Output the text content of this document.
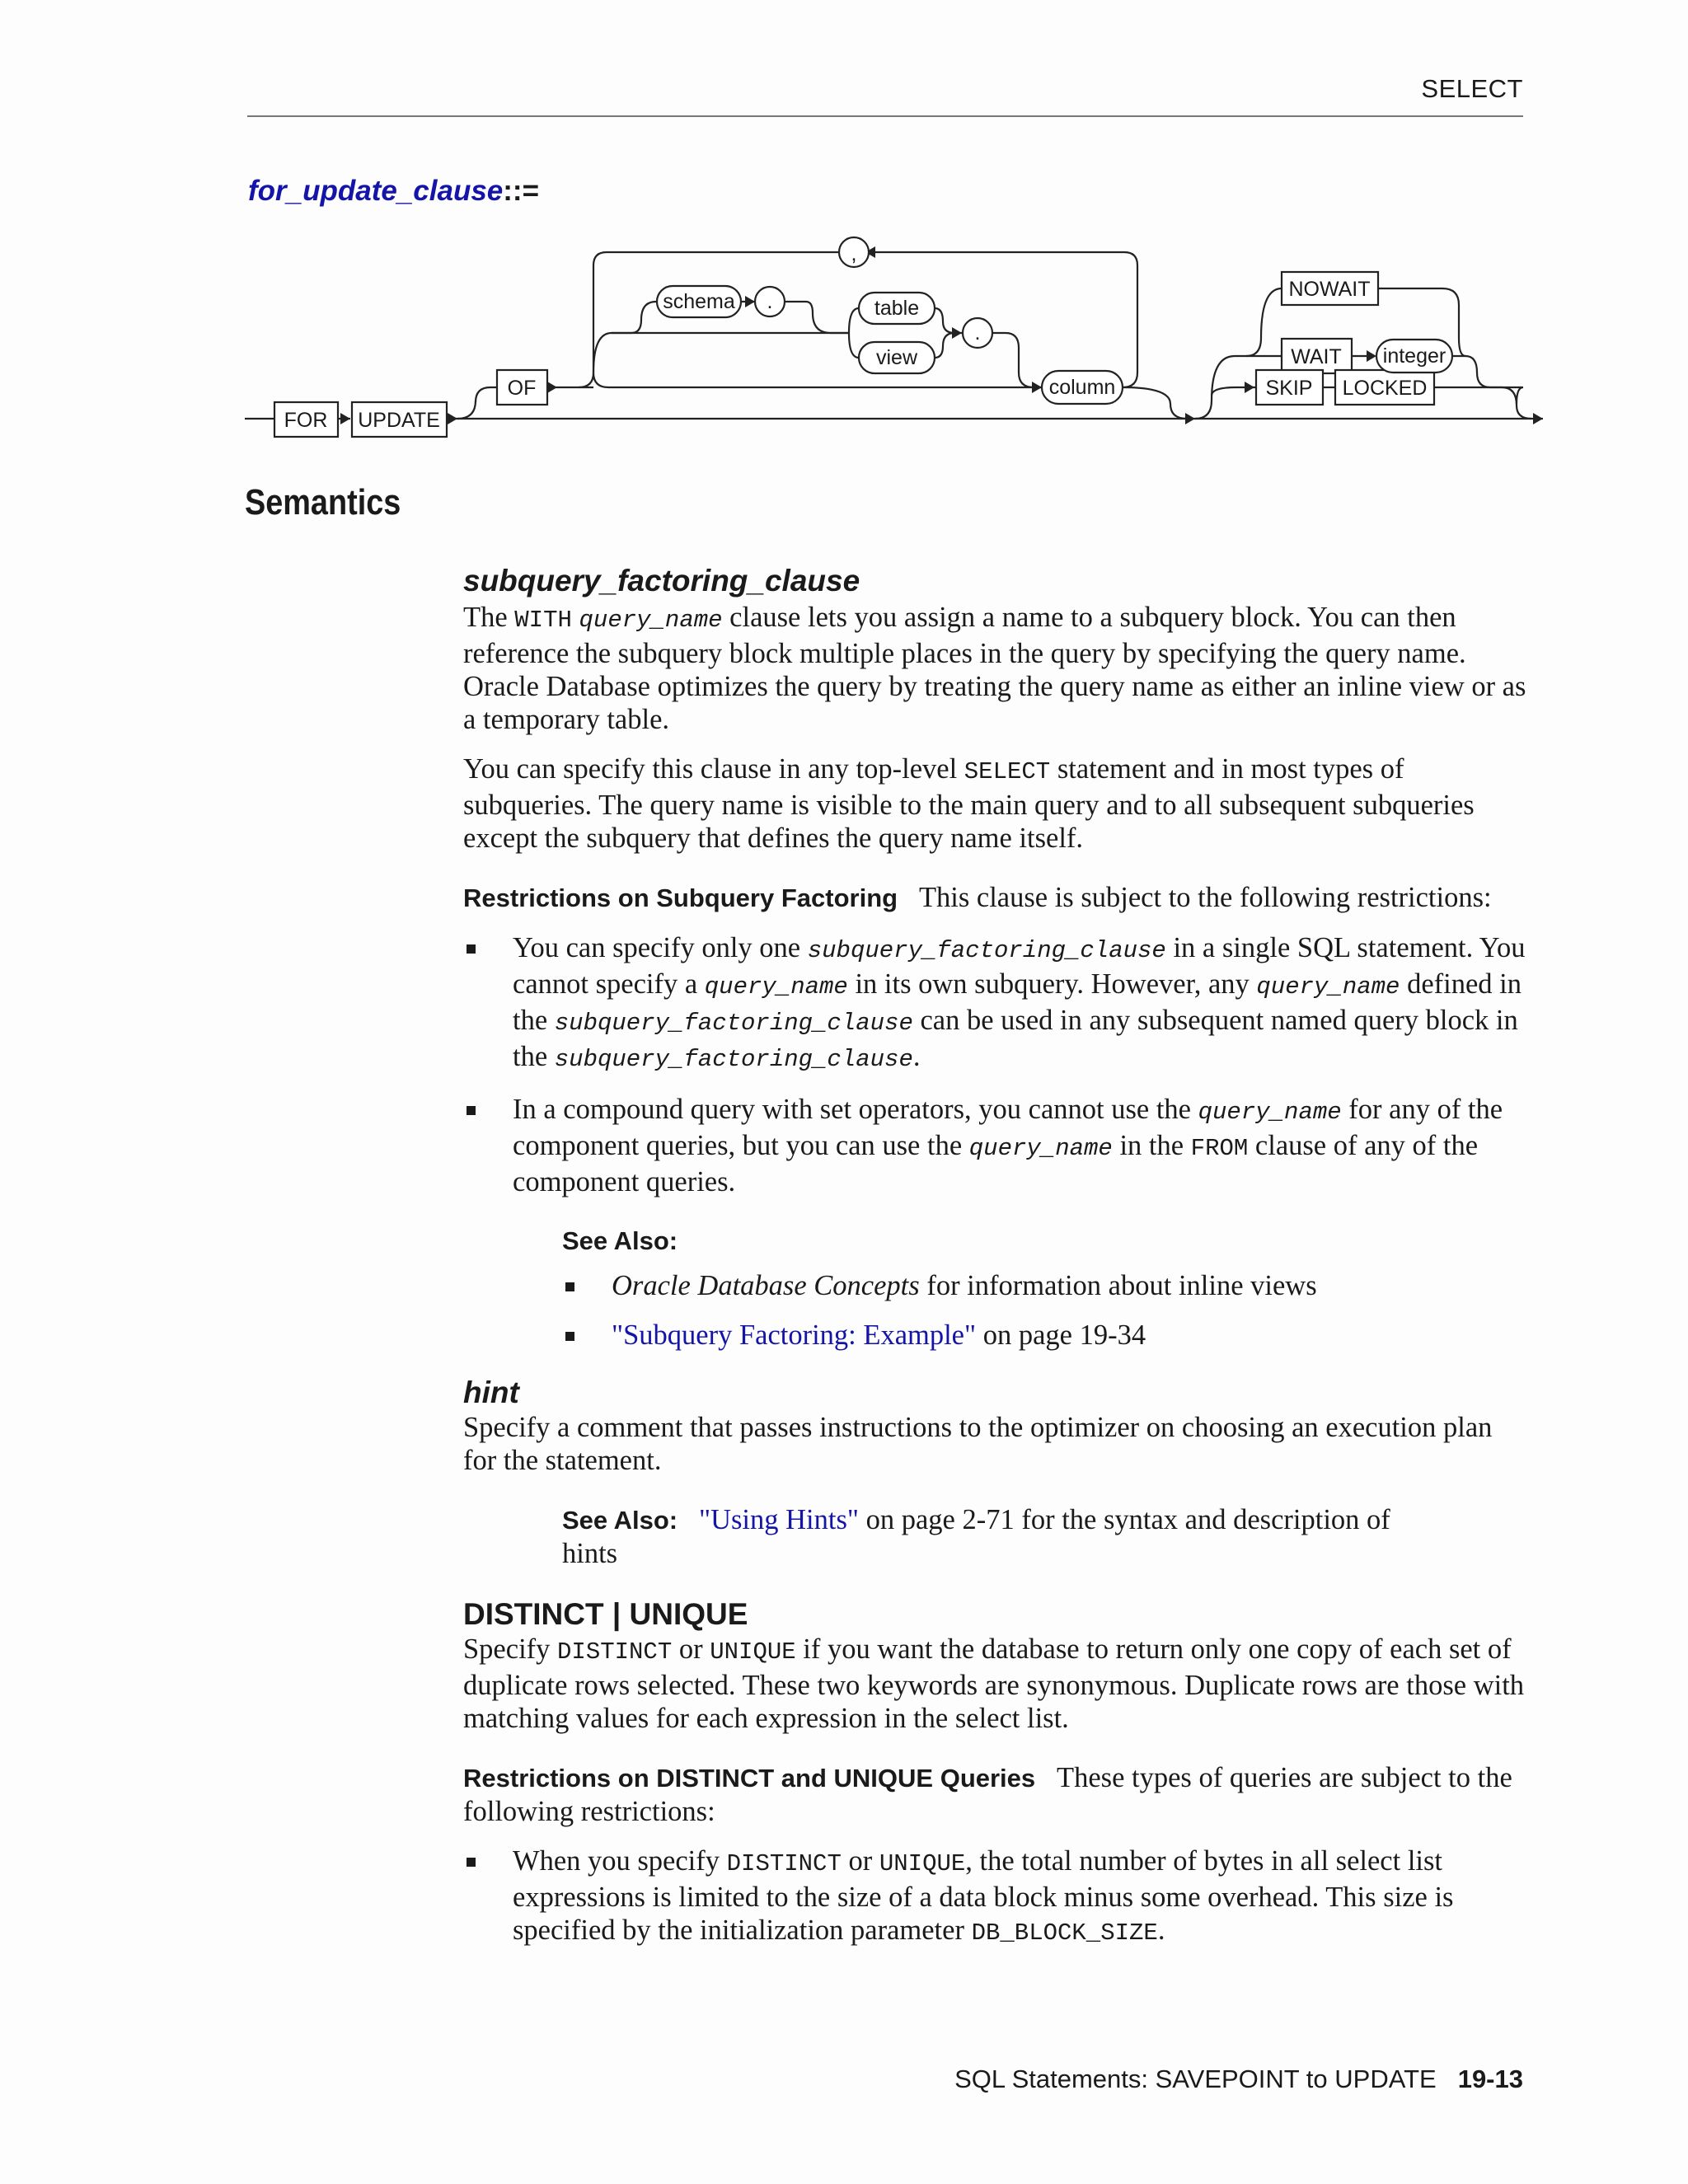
SELECT
for_update_clause::=
FOR UPDATE
OF
NOWAIT
WAIT
SKIP LOCKED
schema .	table
view
.
,
column
integer
Semantics
subquery_factoring_clause

The WITH query_name clause lets you assign a name to a subquery block. You can then reference the subquery block multiple places in the query by specifying the query name. Oracle Database optimizes the query by treating the query name as either an inline view or as a temporary table.

You can specify this clause in any top-level SELECT statement and in most types of subqueries. The query name is visible to the main query and to all subsequent subqueries except the subquery that defines the query name itself.

Restrictions on Subquery Factoring This clause is subject to the following restrictions:

You can specify only one subquery_factoring_clause in a single SQL statement. You cannot specify a query_name in its own subquery. However, any query_name defined in the subquery_factoring_clause can be used in any subsequent named query block in the subquery_factoring_clause.
In a compound query with set operators, you cannot use the query_name for any of the component queries, but you can use the query_name in the FROM clause of any of the component queries.
See Also:
Oracle Database Concepts for information about inline views
"Subquery Factoring: Example" on page 19-34
hint

Specify a comment that passes instructions to the optimizer on choosing an execution plan for the statement.

See Also: "Using Hints" on page 2-71 for the syntax and description of hints

DISTINCT | UNIQUE

Specify DISTINCT or UNIQUE if you want the database to return only one copy of each set of duplicate rows selected. These two keywords are synonymous. Duplicate rows are those with matching values for each expression in the select list.

Restrictions on DISTINCT and UNIQUE Queries These types of queries are subject to the following restrictions:

When you specify DISTINCT or UNIQUE, the total number of bytes in all select list expressions is limited to the size of a data block minus some overhead. This size is specified by the initialization parameter DB_BLOCK_SIZE.
SQL Statements: SAVEPOINT to UPDATE 19-13
